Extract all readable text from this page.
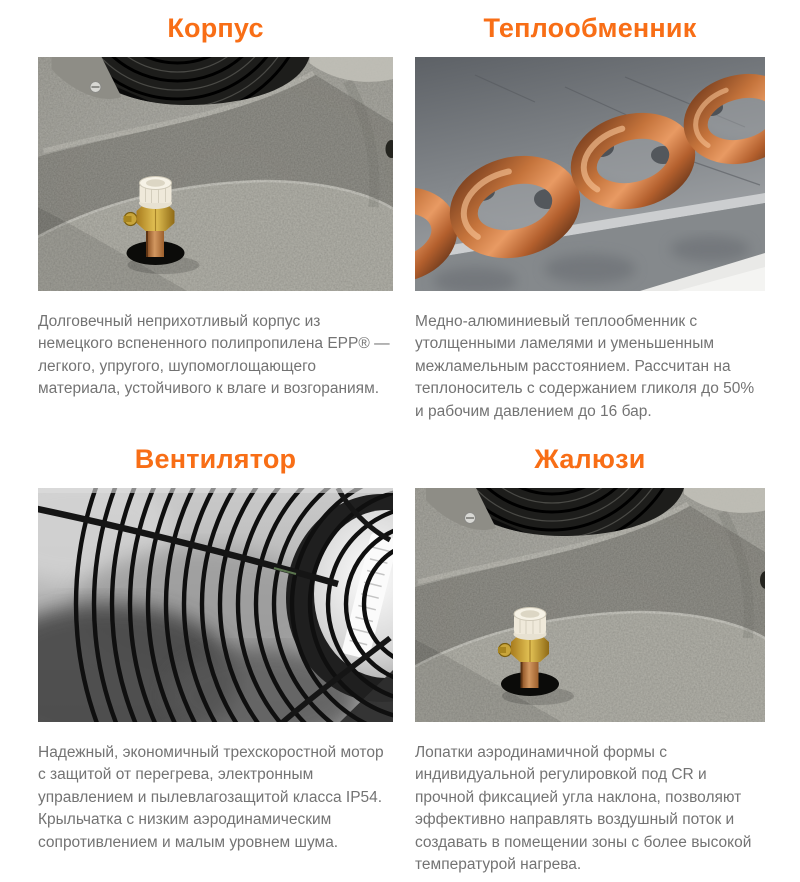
Корпус

Долговечный неприхотливый корпус из немецкого вспененного полипропилена EPP® — легкого, упругого, шупомоглощающего материала, устойчивого к влаге и возгораниям.

Теплообменник

Медно-алюминиевый теплообменник с утолщенными ламелями и уменьшенным межламельным расстоянием. Рассчитан на теплоноситель с содержанием гликоля до 50% и рабочим давлением до 16 бар.

Вентилятор

Надежный, экономичный трехскоростной мотор с защитой от перегрева, электронным управлением и пылевлагозащитой класса IP54. Крыльчатка с низким аэродинамическим сопротивлением и малым уровнем шума.

Жалюзи

Лопатки аэродинамичной формы с индивидуальной регулировкой под CR и прочной фиксацией угла наклона, позволяют эффективно направлять воздушный поток и создавать в помещении зоны с более высокой температурой нагрева.
